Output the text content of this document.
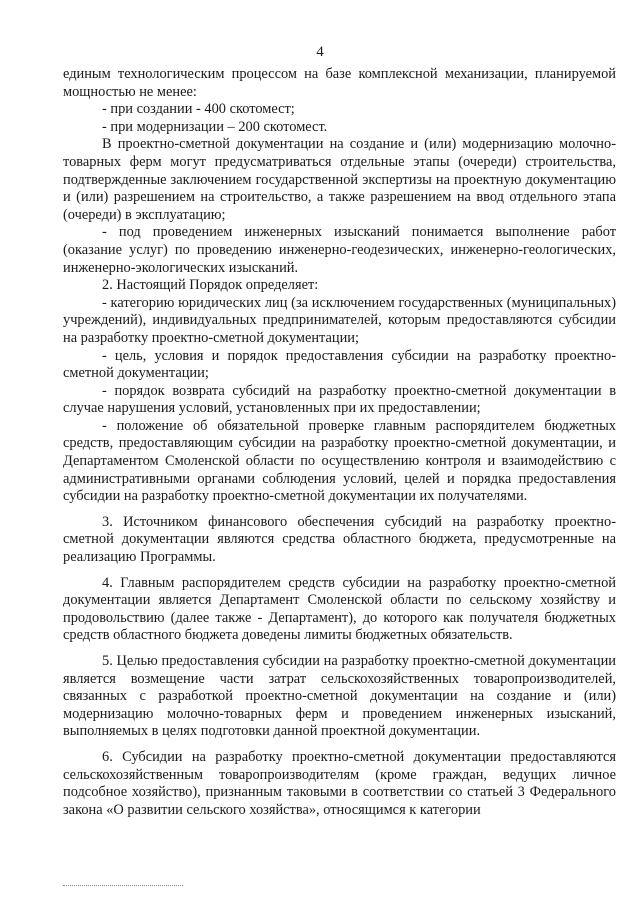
4

единым технологическим процессом на базе комплексной механизации, планируемой мощностью не менее:

- при создании - 400 скотомест;

- при модернизации – 200 скотомест.

В проектно-сметной документации на создание и (или) модернизацию молочно-товарных ферм могут предусматриваться отдельные этапы (очереди) строительства, подтвержденные заключением государственной экспертизы на проектную документацию и (или) разрешением на строительство, а также разрешением на ввод отдельного этапа (очереди) в эксплуатацию;

- под проведением инженерных изысканий понимается выполнение работ (оказание услуг) по проведению инженерно-геодезических, инженерно-геологических, инженерно-экологических изысканий.

2. Настоящий Порядок определяет:

- категорию юридических лиц (за исключением государственных (муниципальных) учреждений), индивидуальных предпринимателей, которым предоставляются субсидии на разработку проектно-сметной документации;

- цель, условия и порядок предоставления субсидии на разработку проектно-сметной документации;

- порядок возврата субсидий на разработку проектно-сметной документации в случае нарушения условий, установленных при их предоставлении;

- положение об обязательной проверке главным распорядителем бюджетных средств, предоставляющим субсидии на разработку проектно-сметной документации, и Департаментом Смоленской области по осуществлению контроля и взаимодействию с административными органами соблюдения условий, целей и порядка предоставления субсидии на разработку проектно-сметной документации их получателями.

3. Источником финансового обеспечения субсидий на разработку проектно-сметной документации являются средства областного бюджета, предусмотренные на реализацию Программы.

4. Главным распорядителем средств субсидии на разработку проектно-сметной документации является Департамент Смоленской области по сельскому хозяйству и продовольствию (далее также - Департамент), до которого как получателя бюджетных средств областного бюджета доведены лимиты бюджетных обязательств.

5. Целью предоставления субсидии на разработку проектно-сметной документации является возмещение части затрат сельскохозяйственных товаропроизводителей, связанных с разработкой проектно-сметной документации на создание и (или) модернизацию молочно-товарных ферм и проведением инженерных изысканий, выполняемых в целях подготовки данной проектной документации.

6. Субсидии на разработку проектно-сметной документации предоставляются сельскохозяйственным товаропроизводителям (кроме граждан, ведущих личное подсобное хозяйство), признанным таковыми в соответствии со статьей 3 Федерального закона «О развитии сельского хозяйства», относящимся к категории
